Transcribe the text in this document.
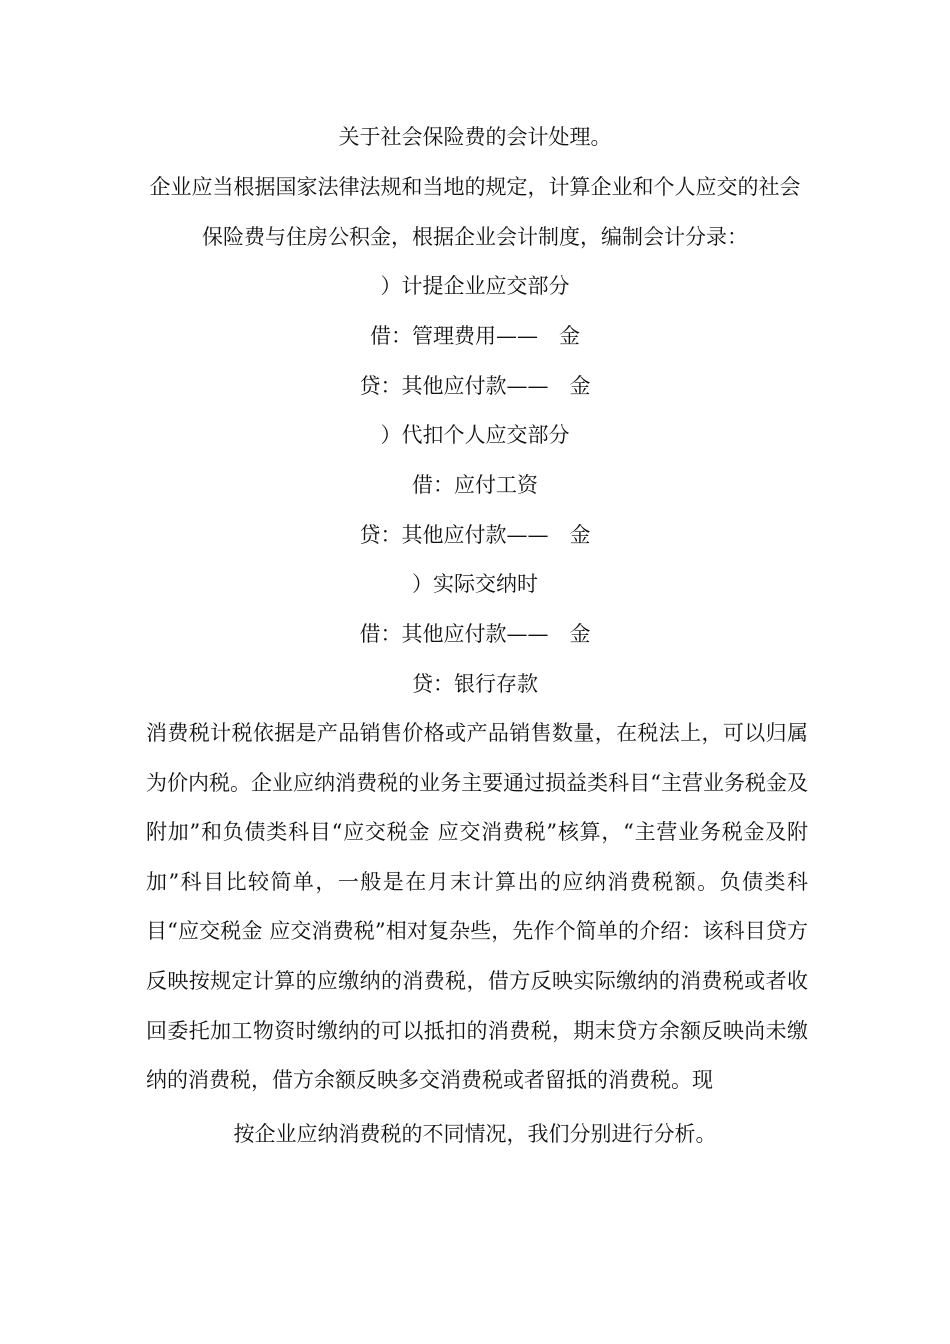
关于社会保险费的会计处理。
企业应当根据国家法律法规和当地的规定，计算企业和个人应交的社会
保险费与住房公积金，根据企业会计制度，编制会计分录：
）计提企业应交部分
借：管理费用——　金
贷：其他应付款——　金
）代扣个人应交部分
借：应付工资
贷：其他应付款——　金
）实际交纳时
借：其他应付款——　金
贷：银行存款
消费税计税依据是产品销售价格或产品销售数量，在税法上，可以归属为价内税。企业应纳消费税的业务主要通过损益类科目“主营业务税金及附加”和负债类科目“应交税金 应交消费税”核算，“主营业务税金及附加”科目比较简单，一般是在月末计算出的应纳消费税额。负债类科目“应交税金 应交消费税”相对复杂些，先作个简单的介绍：该科目贷方反映按规定计算的应缴纳的消费税，借方反映实际缴纳的消费税或者收回委托加工物资时缴纳的可以抵扣的消费税，期末贷方余额反映尚未缴纳的消费税，借方余额反映多交消费税或者留抵的消费税。现
按企业应纳消费税的不同情况，我们分别进行分析。
